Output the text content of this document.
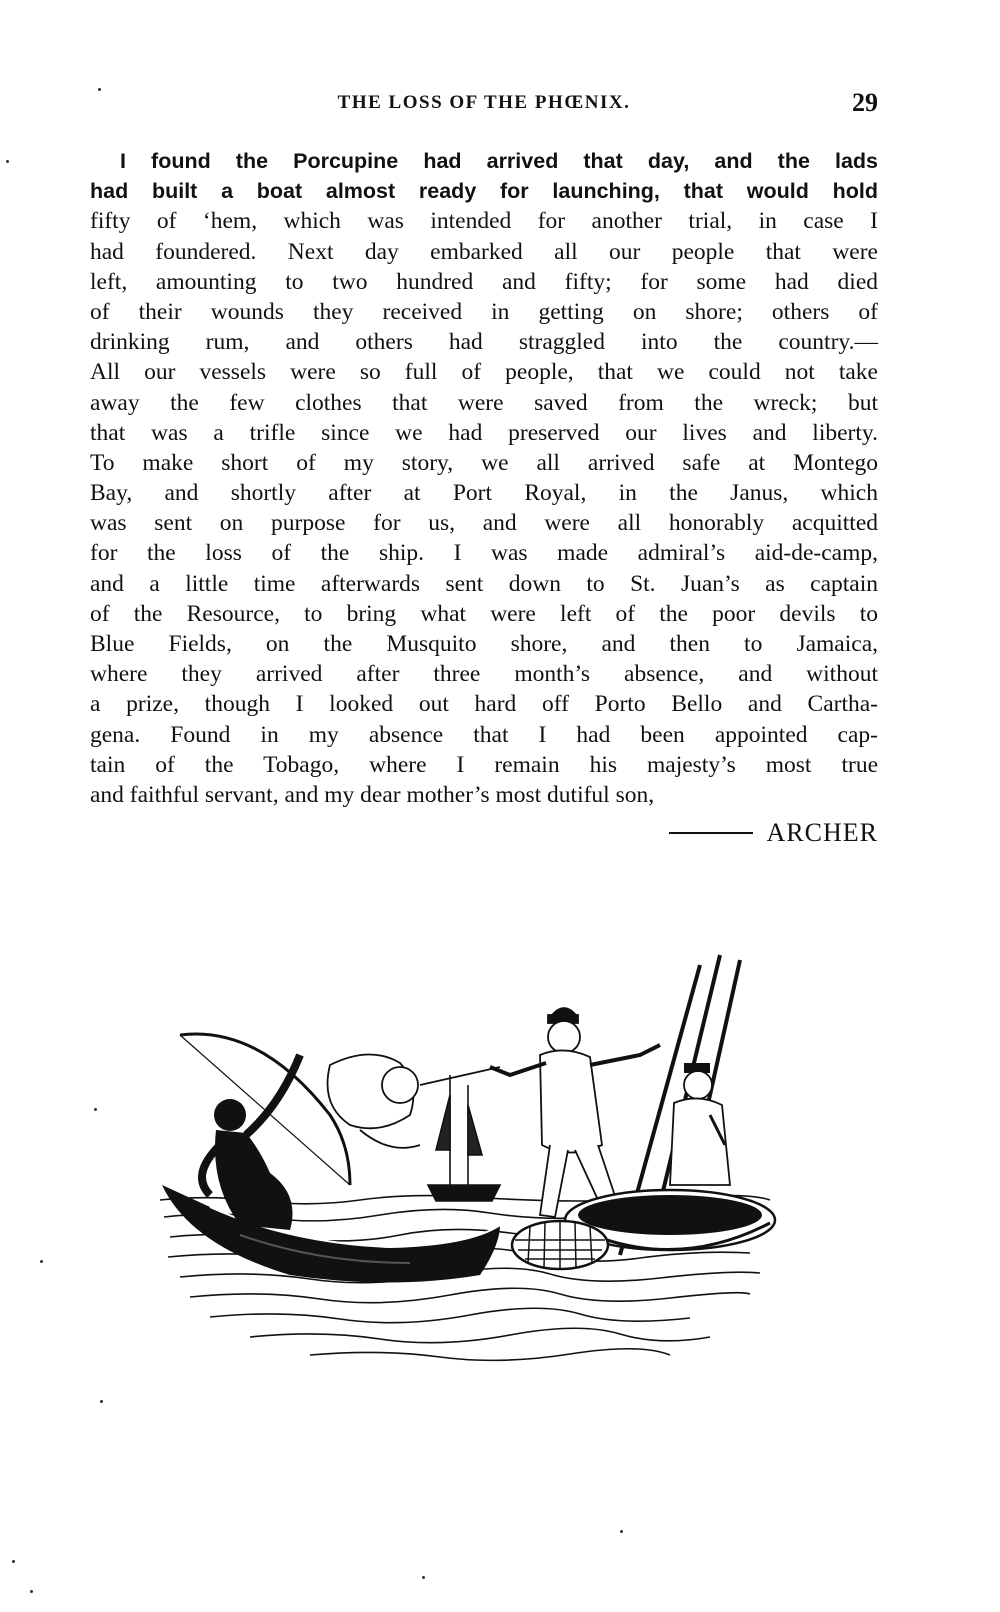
THE LOSS OF THE PHŒNIX.	29
I found the Porcupine had arrived that day, and the lads
had built a boat almost ready for launching, that would hold
fifty of ‘hem, which was intended for another trial, in case I
had foundered. Next day embarked all our people that were
left, amounting to two hundred and fifty; for some had died
of their wounds they received in getting on shore; others of
drinking rum, and others had straggled into the country.—
All our vessels were so full of people, that we could not take
away the few clothes that were saved from the wreck; but
that was a trifle since we had preserved our lives and liberty.
To make short of my story, we all arrived safe at Montego
Bay, and shortly after at Port Royal, in the Janus, which
was sent on purpose for us, and were all honorably acquitted
for the loss of the ship. I was made admiral’s aid-de-camp,
and a little time afterwards sent down to St. Juan’s as captain
of the Resource, to bring what were left of the poor devils to
Blue Fields, on the Musquito shore, and then to Jamaica,
where they arrived after three month’s absence, and without
a prize, though I looked out hard off Porto Bello and Cartha-
gena. Found in my absence that I had been appointed cap-
tain of the Tobago, where I remain his majesty’s most true
and faithful servant, and my dear mother’s most dutiful son,
ARCHER
